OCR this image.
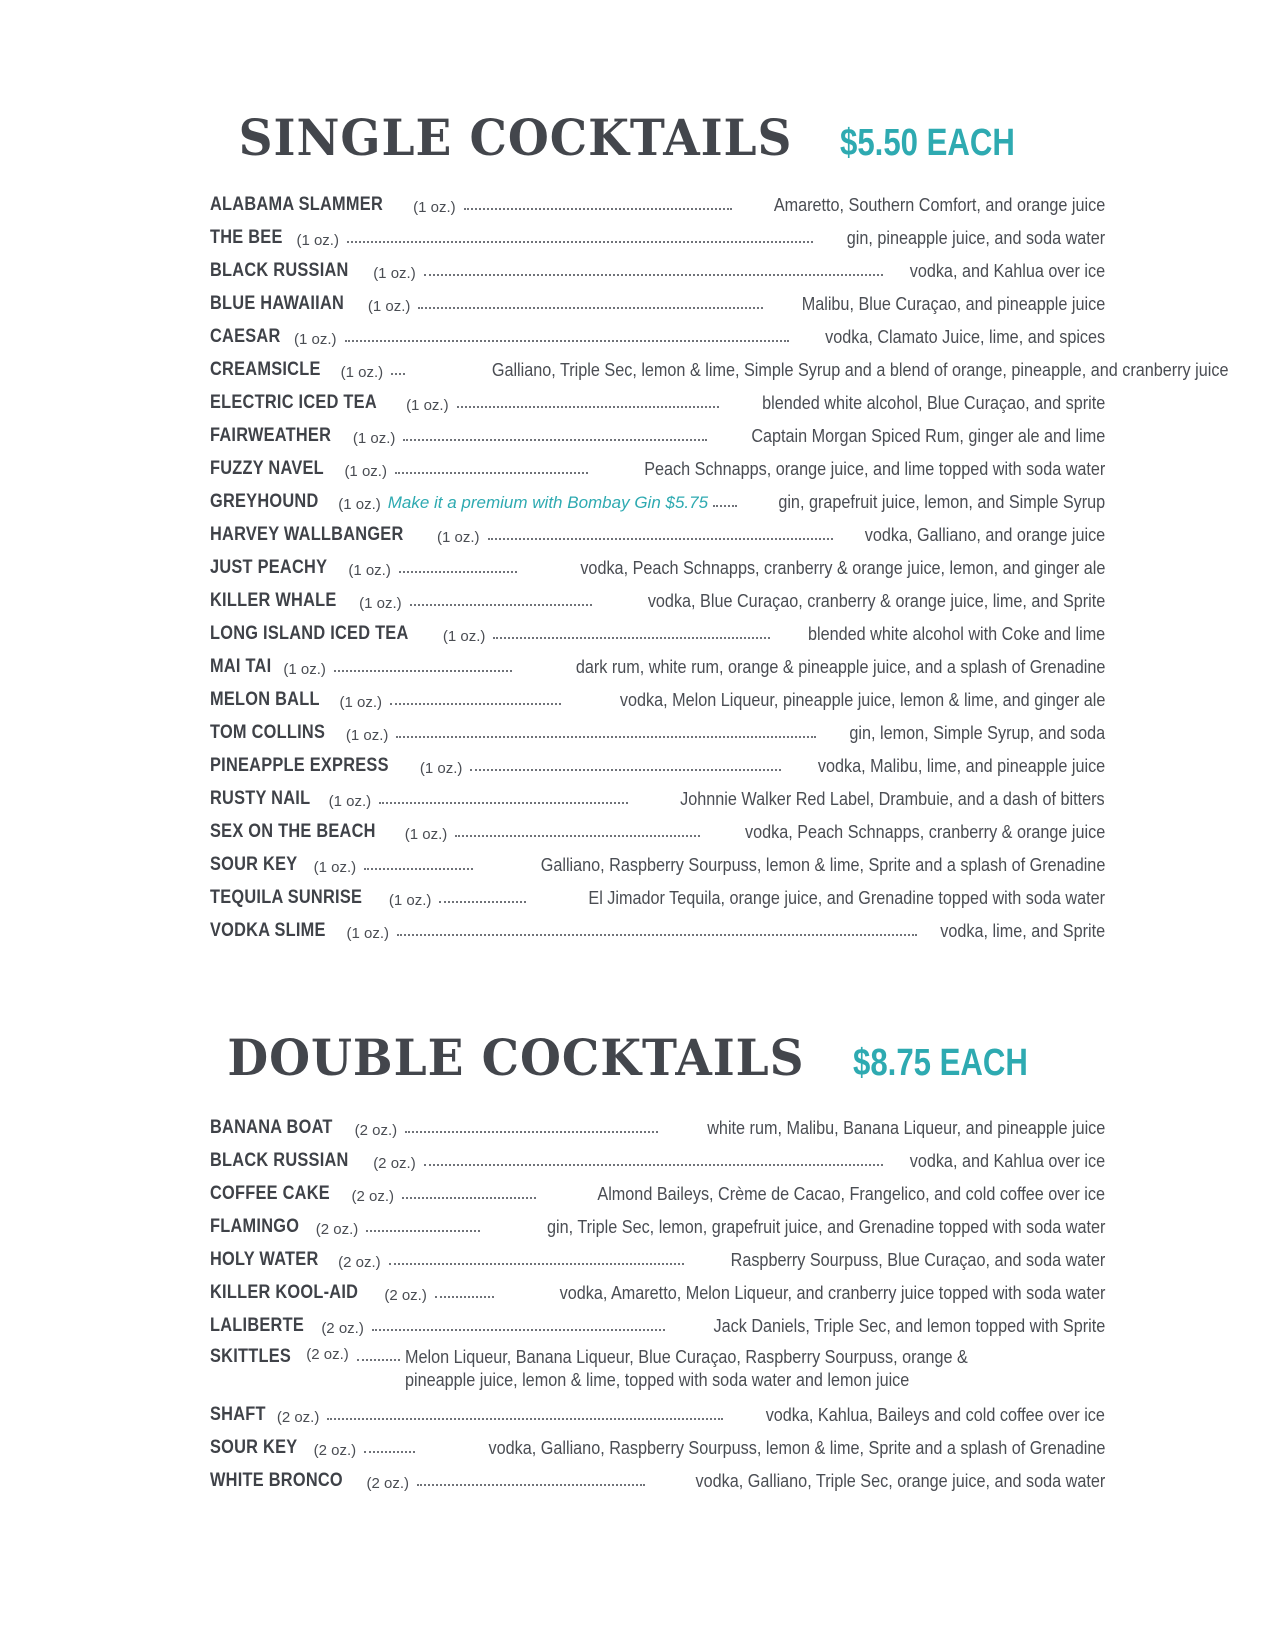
SINGLE COCKTAILS $5.50 EACH
ALABAMA SLAMMER (1 oz.)	Amaretto, Southern Comfort, and orange juice
THE BEE (1 oz.)	gin, pineapple juice, and soda water
BLACK RUSSIAN (1 oz.)	vodka, and Kahlua over ice
BLUE HAWAIIAN (1 oz.)	Malibu, Blue Curaçao, and pineapple juice
CAESAR (1 oz.)	vodka, Clamato Juice, lime, and spices
CREAMSICLE (1 oz.)	Galliano, Triple Sec, lemon & lime, Simple Syrup and a blend of orange, pineapple, and cranberry juice
ELECTRIC ICED TEA (1 oz.)	blended white alcohol, Blue Curaçao, and sprite
FAIRWEATHER (1 oz.)	Captain Morgan Spiced Rum, ginger ale and lime
FUZZY NAVEL (1 oz.)	Peach Schnapps, orange juice, and lime topped with soda water
GREYHOUND (1 oz.) Make it a premium with Bombay Gin $5.75	gin, grapefruit juice, lemon, and Simple Syrup
HARVEY WALLBANGER (1 oz.)	vodka, Galliano, and orange juice
JUST PEACHY (1 oz.)	vodka, Peach Schnapps, cranberry & orange juice, lemon, and ginger ale
KILLER WHALE (1 oz.)	vodka, Blue Curaçao, cranberry & orange juice, lime, and Sprite
LONG ISLAND ICED TEA (1 oz.)	blended white alcohol with Coke and lime
MAI TAI (1 oz.)	dark rum, white rum, orange & pineapple juice, and a splash of Grenadine
MELON BALL (1 oz.)	vodka, Melon Liqueur, pineapple juice, lemon & lime, and ginger ale
TOM COLLINS (1 oz.)	gin, lemon, Simple Syrup, and soda
PINEAPPLE EXPRESS (1 oz.)	vodka, Malibu, lime, and pineapple juice
RUSTY NAIL (1 oz.)	Johnnie Walker Red Label, Drambuie, and a dash of bitters
SEX ON THE BEACH (1 oz.)	vodka, Peach Schnapps, cranberry & orange juice
SOUR KEY (1 oz.)	Galliano, Raspberry Sourpuss, lemon & lime, Sprite and a splash of Grenadine
TEQUILA SUNRISE (1 oz.)	El Jimador Tequila, orange juice, and Grenadine topped with soda water
VODKA SLIME (1 oz.)	vodka, lime, and Sprite
DOUBLE COCKTAILS $8.75 EACH
BANANA BOAT (2 oz.)	white rum, Malibu, Banana Liqueur, and pineapple juice
BLACK RUSSIAN (2 oz.)	vodka, and Kahlua over ice
COFFEE CAKE (2 oz.)	Almond Baileys, Crème de Cacao, Frangelico, and cold coffee over ice
FLAMINGO (2 oz.)	gin, Triple Sec, lemon, grapefruit juice, and Grenadine topped with soda water
HOLY WATER (2 oz.)	Raspberry Sourpuss, Blue Curaçao, and soda water
KILLER KOOL-AID (2 oz.)	vodka, Amaretto, Melon Liqueur, and cranberry juice topped with soda water
LALIBERTE (2 oz.)	Jack Daniels, Triple Sec, and lemon topped with Sprite
SKITTLES (2 oz.)	Melon Liqueur, Banana Liqueur, Blue Curaçao, Raspberry Sourpuss, orange & pineapple juice, lemon & lime, topped with soda water and lemon juice
SHAFT (2 oz.)	vodka, Kahlua, Baileys and cold coffee over ice
SOUR KEY (2 oz.)	vodka, Galliano, Raspberry Sourpuss, lemon & lime, Sprite and a splash of Grenadine
WHITE BRONCO (2 oz.)	vodka, Galliano, Triple Sec, orange juice, and soda water
